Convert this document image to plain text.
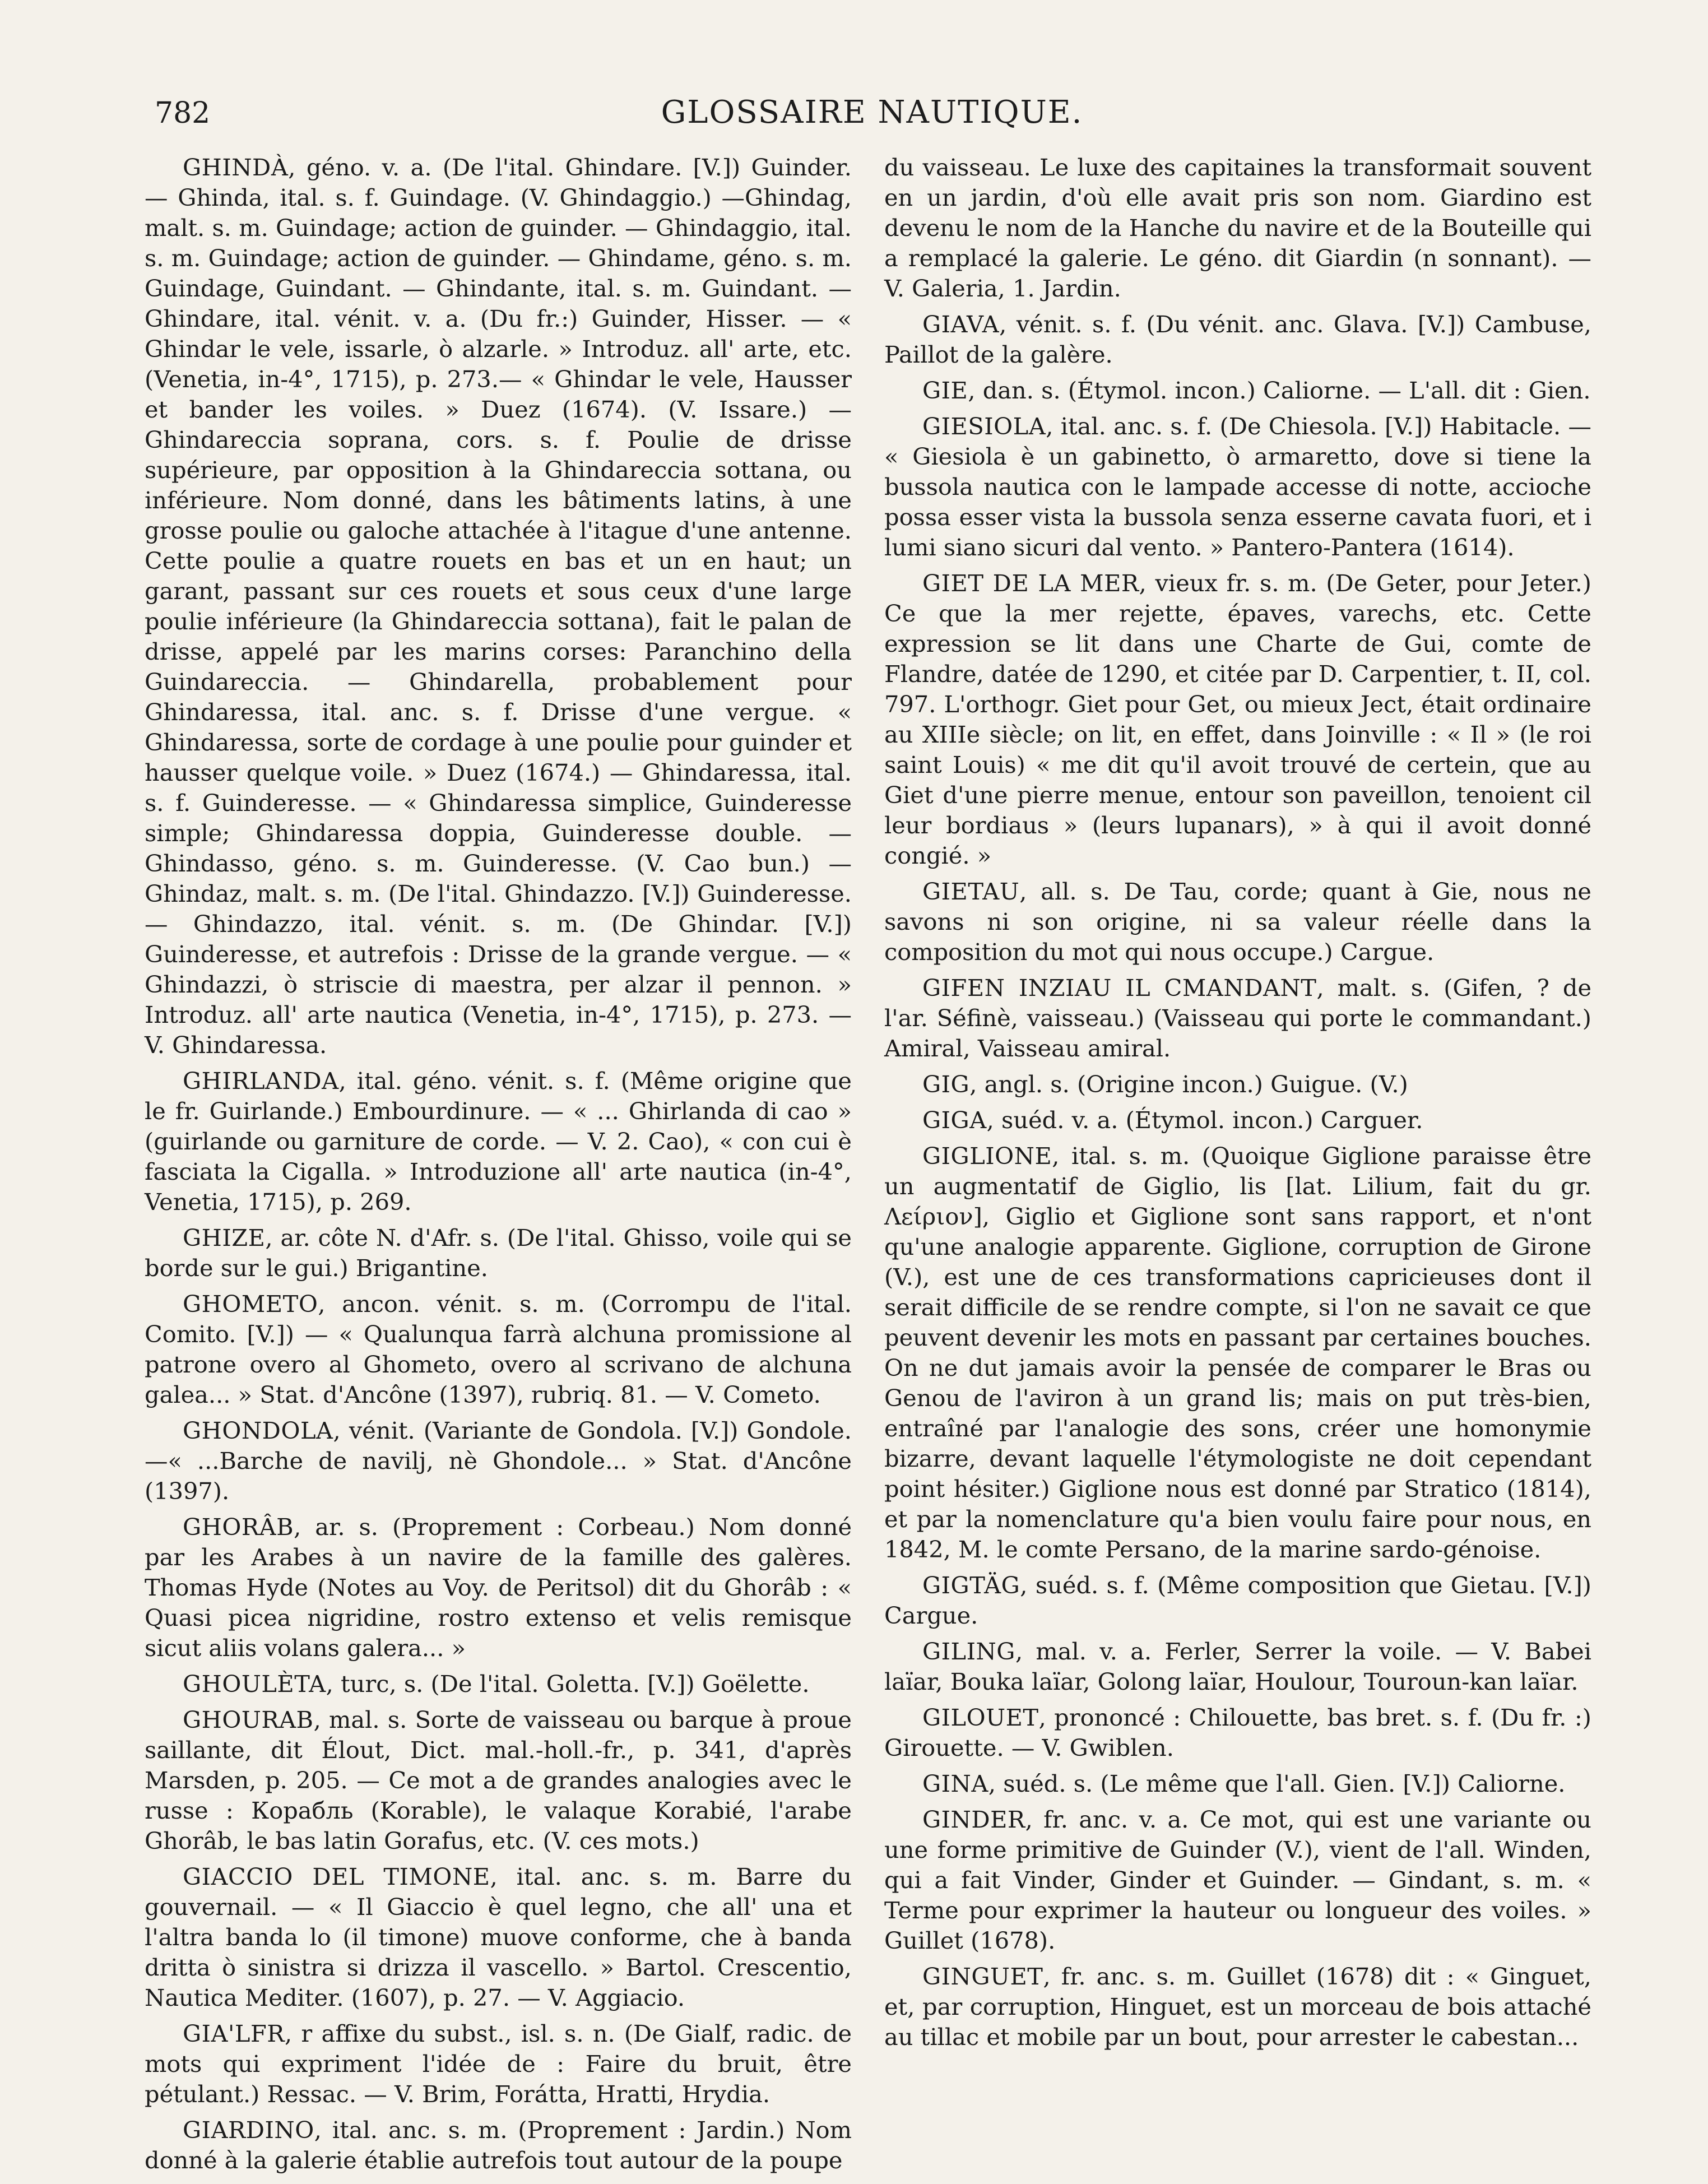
782	GLOSSAIRE NAUTIQUE.

GHINDÀ, géno. v. a. (De l'ital. Ghindare. [V.]) Guinder. — Ghinda, ital. s. f. Guindage. (V. Ghindaggio.) —Ghindag, malt. s. m. Guindage; action de guinder. — Ghindaggio, ital. s. m. Guindage; action de guinder. — Ghindame, géno. s. m. Guindage, Guindant. — Ghindante, ital. s. m. Guindant. — Ghindare, ital. vénit. v. a. (Du fr.:) Guinder, Hisser. — « Ghindar le vele, issarle, ò alzarle. » Introduz. all' arte, etc. (Venetia, in-4°, 1715), p. 273.— « Ghindar le vele, Hausser et bander les voiles. » Duez (1674). (V. Issare.) — Ghindareccia soprana, cors. s. f. Poulie de drisse supérieure, par opposition à la Ghindareccia sottana, ou inférieure. Nom donné, dans les bâtiments latins, à une grosse poulie ou galoche attachée à l'itague d'une antenne. Cette poulie a quatre rouets en bas et un en haut; un garant, passant sur ces rouets et sous ceux d'une large poulie inférieure (la Ghindareccia sottana), fait le palan de drisse, appelé par les marins corses: Paranchino della Guindareccia. — Ghindarella, probablement pour Ghindaressa, ital. anc. s. f. Drisse d'une vergue. « Ghindaressa, sorte de cordage à une poulie pour guinder et hausser quelque voile. » Duez (1674.) — Ghindaressa, ital. s. f. Guinderesse. — « Ghindaressa simplice, Guinderesse simple; Ghindaressa doppia, Guinderesse double. — Ghindasso, géno. s. m. Guinderesse. (V. Cao bun.) — Ghindaz, malt. s. m. (De l'ital. Ghindazzo. [V.]) Guinderesse. — Ghindazzo, ital. vénit. s. m. (De Ghindar. [V.]) Guinderesse, et autrefois : Drisse de la grande vergue. — « Ghindazzi, ò striscie di maestra, per alzar il pennon. » Introduz. all' arte nautica (Venetia, in-4°, 1715), p. 273. — V. Ghindaressa.

GHIRLANDA, ital. géno. vénit. s. f. (Même origine que le fr. Guirlande.) Embourdinure. — « ... Ghirlanda di cao » (guirlande ou garniture de corde. — V. 2. Cao), « con cui è fasciata la Cigalla. » Introduzione all' arte nautica (in-4°, Venetia, 1715), p. 269.

GHIZE, ar. côte N. d'Afr. s. (De l'ital. Ghisso, voile qui se borde sur le gui.) Brigantine.

GHOMETO, ancon. vénit. s. m. (Corrompu de l'ital. Comito. [V.]) — « Qualunqua farrà alchuna promissione al patrone overo al Ghometo, overo al scrivano de alchuna galea... » Stat. d'Ancône (1397), rubriq. 81. — V. Cometo.

GHONDOLA, vénit. (Variante de Gondola. [V.]) Gondole. —« ...Barche de navilj, nè Ghondole... » Stat. d'Ancône (1397).

GHORÂB, ar. s. (Proprement : Corbeau.) Nom donné par les Arabes à un navire de la famille des galères. Thomas Hyde (Notes au Voy. de Peritsol) dit du Ghorâb : « Quasi picea nigridine, rostro extenso et velis remisque sicut aliis volans galera... »

GHOULÈTA, turc, s. (De l'ital. Goletta. [V.]) Goëlette.

GHOURAB, mal. s. Sorte de vaisseau ou barque à proue saillante, dit Élout, Dict. mal.-holl.-fr., p. 341, d'après Marsden, p. 205. — Ce mot a de grandes analogies avec le russe : Корабль (Korable), le valaque Korabié, l'arabe Ghorâb, le bas latin Gorafus, etc. (V. ces mots.)

GIACCIO DEL TIMONE, ital. anc. s. m. Barre du gouvernail. — « Il Giaccio è quel legno, che all' una et l'altra banda lo (il timone) muove conforme, che à banda dritta ò sinistra si drizza il vascello. » Bartol. Crescentio, Nautica Mediter. (1607), p. 27. — V. Aggiacio.

GIA'LFR, r affixe du subst., isl. s. n. (De Gialf, radic. de mots qui expriment l'idée de : Faire du bruit, être pétulant.) Ressac. — V. Brim, Forátta, Hratti, Hrydia.

GIARDINO, ital. anc. s. m. (Proprement : Jardin.) Nom donné à la galerie établie autrefois tout autour de la poupe

du vaisseau. Le luxe des capitaines la transformait souvent en un jardin, d'où elle avait pris son nom. Giardino est devenu le nom de la Hanche du navire et de la Bouteille qui a remplacé la galerie. Le géno. dit Giardin (n sonnant). — V. Galeria, 1. Jardin.

GIAVA, vénit. s. f. (Du vénit. anc. Glava. [V.]) Cambuse, Paillot de la galère.

GIE, dan. s. (Étymol. incon.) Caliorne. — L'all. dit : Gien.

GIESIOLA, ital. anc. s. f. (De Chiesola. [V.]) Habitacle. — « Giesiola è un gabinetto, ò armaretto, dove si tiene la bussola nautica con le lampade accesse di notte, accioche possa esser vista la bussola senza esserne cavata fuori, et i lumi siano sicuri dal vento. » Pantero-Pantera (1614).

GIET DE LA MER, vieux fr. s. m. (De Geter, pour Jeter.) Ce que la mer rejette, épaves, varechs, etc. Cette expression se lit dans une Charte de Gui, comte de Flandre, datée de 1290, et citée par D. Carpentier, t. II, col. 797. L'orthogr. Giet pour Get, ou mieux Ject, était ordinaire au XIIIe siècle; on lit, en effet, dans Joinville : « Il » (le roi saint Louis) « me dit qu'il avoit trouvé de certein, que au Giet d'une pierre menue, entour son paveillon, tenoient cil leur bordiaus » (leurs lupanars), » à qui il avoit donné congié. »

GIETAU, all. s. De Tau, corde; quant à Gie, nous ne savons ni son origine, ni sa valeur réelle dans la composition du mot qui nous occupe.) Cargue.

GIFEN INZIAU IL CMANDANT, malt. s. (Gifen, ? de l'ar. Séfinè, vaisseau.) (Vaisseau qui porte le commandant.) Amiral, Vaisseau amiral.

GIG, angl. s. (Origine incon.) Guigue. (V.)

GIGA, suéd. v. a. (Étymol. incon.) Carguer.

GIGLIONE, ital. s. m. (Quoique Giglione paraisse être un augmentatif de Giglio, lis [lat. Lilium, fait du gr. Λείριον], Giglio et Giglione sont sans rapport, et n'ont qu'une analogie apparente. Giglione, corruption de Girone (V.), est une de ces transformations capricieuses dont il serait difficile de se rendre compte, si l'on ne savait ce que peuvent devenir les mots en passant par certaines bouches. On ne dut jamais avoir la pensée de comparer le Bras ou Genou de l'aviron à un grand lis; mais on put très-bien, entraîné par l'analogie des sons, créer une homonymie bizarre, devant laquelle l'étymologiste ne doit cependant point hésiter.) Giglione nous est donné par Stratico (1814), et par la nomenclature qu'a bien voulu faire pour nous, en 1842, M. le comte Persano, de la marine sardo-génoise.

GIGTÄG, suéd. s. f. (Même composition que Gietau. [V.]) Cargue.

GILING, mal. v. a. Ferler, Serrer la voile. — V. Babei laïar, Bouka laïar, Golong laïar, Houlour, Touroun-kan laïar.

GILOUET, prononcé : Chilouette, bas bret. s. f. (Du fr. :) Girouette. — V. Gwiblen.

GINA, suéd. s. (Le même que l'all. Gien. [V.]) Caliorne.

GINDER, fr. anc. v. a. Ce mot, qui est une variante ou une forme primitive de Guinder (V.), vient de l'all. Winden, qui a fait Vinder, Ginder et Guinder. — Gindant, s. m. « Terme pour exprimer la hauteur ou longueur des voiles. » Guillet (1678).

GINGUET, fr. anc. s. m. Guillet (1678) dit : « Ginguet, et, par corruption, Hinguet, est un morceau de bois attaché au tillac et mobile par un bout, pour arrester le cabestan...
